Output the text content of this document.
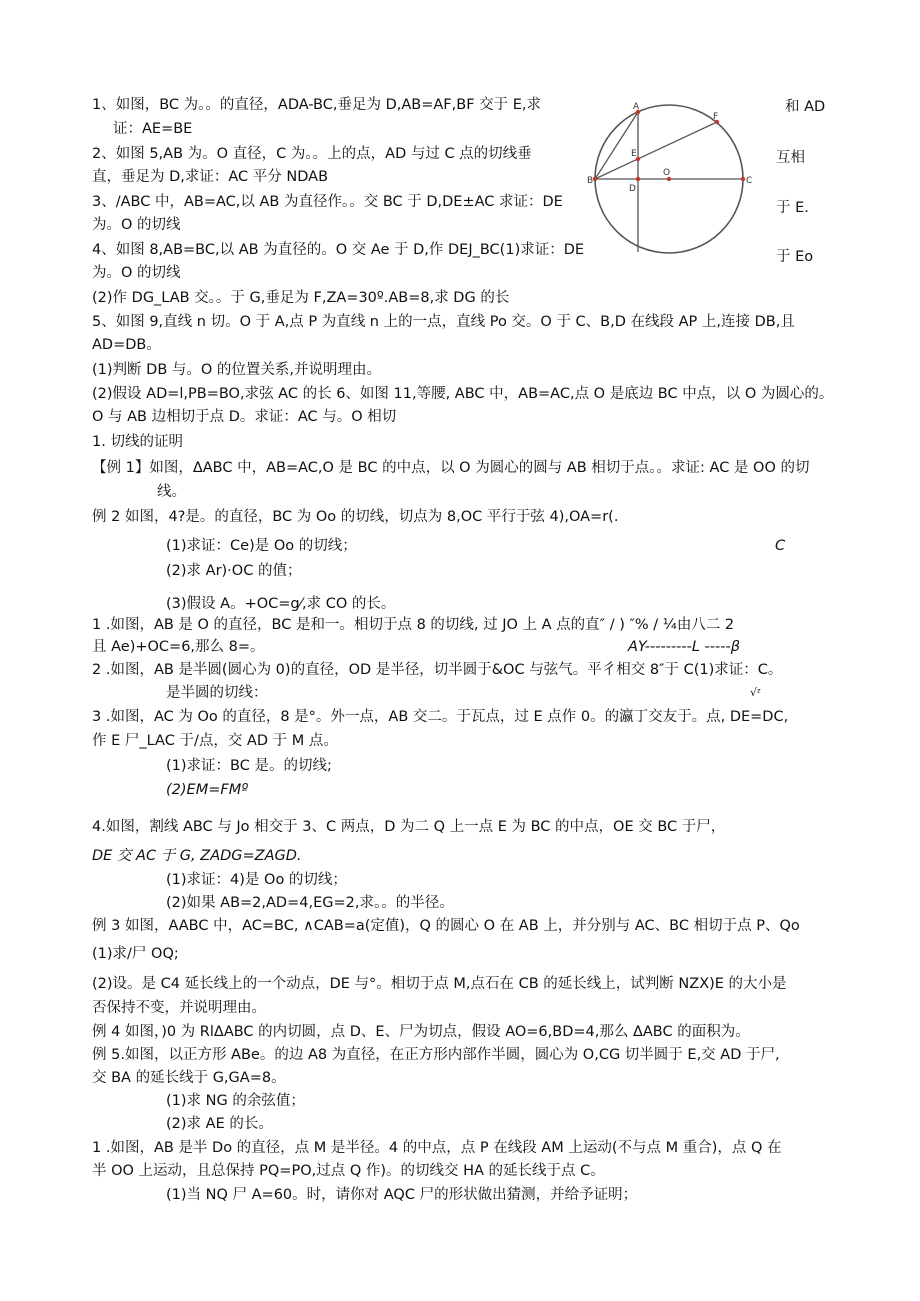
1、如图，BC 为。。的直径，ADA-BC,垂足为 D,AB=AF,BF 交于 E,求
证：AE=BE
2、如图 5,AB 为。O 直径，C 为。。上的点，AD 与过 C 点的切线垂
直，垂足为 D,求证：AC 平分 NDAB
3、/ABC 中，AB=AC,以 AB 为直径作。。交 BC 于 D,DE±AC 求证：DE
为。O 的切线
4、如图 8,AB=BC,以 AB 为直径的。O 交 Ae 于 D,作 DEJ_BC(1)求证：DE
为。O 的切线
(2)作 DG_LAB 交。。于 G,垂足为 F,ZA=30º.AB=8,求 DG 的长
5、如图 9,直线 n 切。O 于 A,点 P 为直线 n 上的一点，直线 Po 交。O 于 C、B,D 在线段 AP 上,连接 DB,且
AD=DB。
(1)判断 DB 与。O 的位置关系,并说明理由。
(2)假设 AD=l,PB=BO,求弦 AC 的长 6、如图 11,等腰, ABC 中，AB=AC,点 O 是底边 BC 中点，以 O 为圆心的。
O 与 AB 边相切于点 D。求证：AC 与。O 相切
1. 切线的证明
【例 1】如图，ΔABC 中，AB=AC,O 是 BC 的中点，以 O 为圆心的圆与 AB 相切于点。。求证: AC 是 OO 的切
线。
例 2 如图，4?是。的直径，BC 为 Oo 的切线，切点为 8,OC 平行于弦 4),OA=r(.
(1)求证：Ce)是 Oo 的切线；
(2)求 Ar)·OC 的值；
(3)假设 A。+OC=g⁄,求 CO 的长。
1 .如图，AB 是 O 的直径，BC 是和一。相切于点 8 的切线, 过 JO 上 A 点的直″ / ) ″% / ¼由八二 2
且 Ae)+OC=6,那么 8=。
2 .如图，AB 是半圆(圆心为 0)的直径，OD 是半径，切半圆于&OC 与弦气。平彳相交 8″于 C(1)求证：C。
是半圆的切线：
3 .如图，AC 为 Oo 的直径，8 是°。外一点，AB 交二。于瓦点，过 E 点作 0。的瀛丁交友于。点, DE=DC,
作 E 尸_LAC 于/点，交 AD 于 M 点。
(1)求证：BC 是。的切线;
(2)EM=FMº
4.如图，割线 ABC 与 Jo 相交于 3、C 两点，D 为二 Q 上一点 E 为 BC 的中点，OE 交 BC 于尸，
DE 交 AC 于 G, ZADG=ZAGD.
(1)求证：4)是 Oo 的切线；
(2)如果 AB=2,AD=4,EG=2,求。。的半径。
例 3 如图，AABC 中，AC=BC, ∧CAB=a(定值)，Q 的圆心 O 在 AB 上，并分别与 AC、BC 相切于点 P、Qo
(1)求/尸 OQ;
(2)设。是 C4 延长线上的一个动点，DE 与°。相切于点 M,点石在 CB 的延长线上，试判断 NZX)E 的大小是
否保持不变，并说明理由。
例 4 如图，)0 为 RlΔABC 的内切圆，点 D、E、尸为切点，假设 AO=6,BD=4,那么 ΔABC 的面积为。
例 5.如图，以正方形 ABe。的边 A8 为直径，在正方形内部作半圆，圆心为 O,CG 切半圆于 E,交 AD 于尸,
交 BA 的延长线于 G,GA=8。
(1)求 NG 的余弦值；
(2)求 AE 的长。
1 .如图，AB 是半 Do 的直径，点 M 是半径。4 的中点，点 P 在线段 AM 上运动(不与点 M 重合)，点 Q 在
半 OO 上运动，且总保持 PQ=PO,过点 Q 作)。的切线交 HA 的延长线于点 C。
(1)当 NQ 尸 A=60。时，请你对 AQC 尸的形状做出猜测，并给予证明；
和 AD
互相
于 E.
于 Eo
C
AY---------L -----β
√ᶻ
A
F
E
B
D
O
C
